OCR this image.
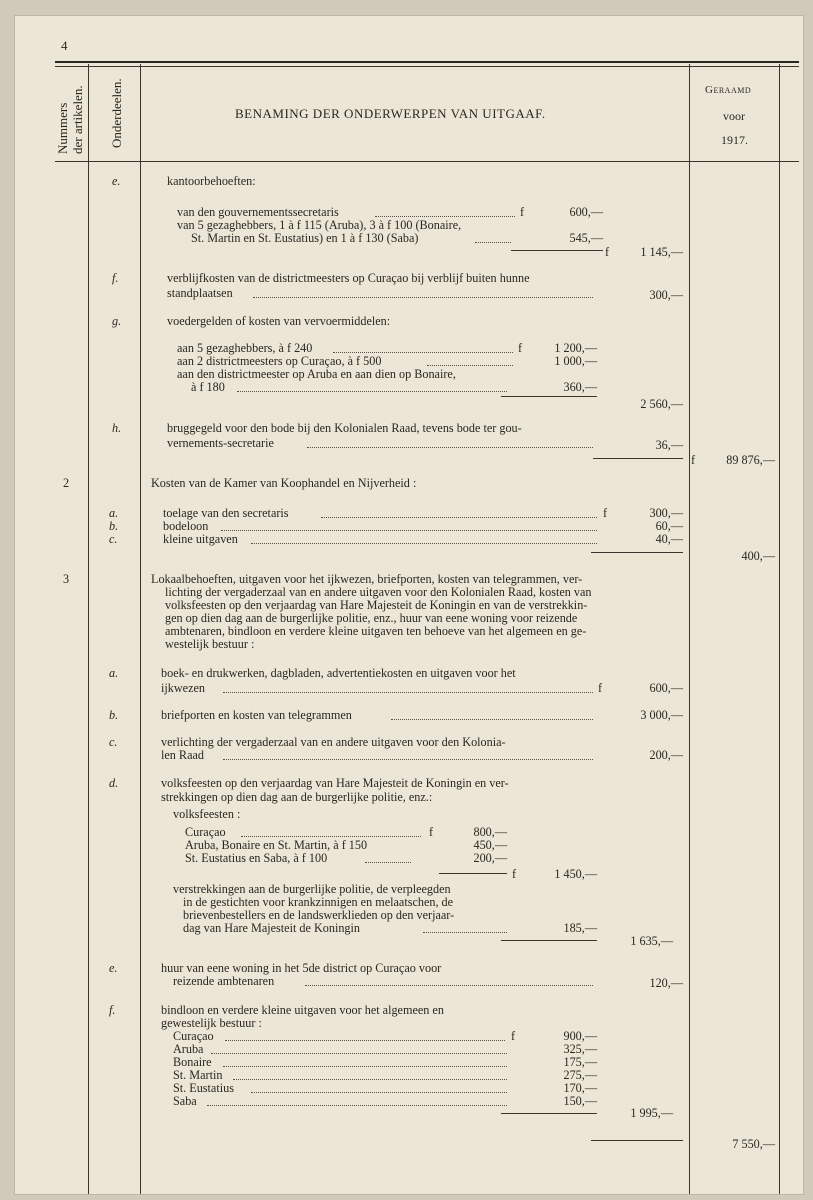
4
Nummers der artikelen. Onderdeelen.	BENAMING DER ONDERWERPEN VAN UITGAAF.
Geraamd
voor
1917.
e.	kantoorbehoeften:
van den gouvernementssecretaris	f	600,—
van 5 gezaghebbers, 1 à f 115 (Aruba), 3 à f 100 (Bonaire,
St. Martin en St. Eustatius) en 1 à f 130 (Saba)	545,—
f	1 145,—
f.	verblijfkosten van de districtmeesters op Curaçao bij verblijf buiten hunne
standplaatsen	300,—
g.	voedergelden of kosten van vervoermiddelen:
aan 5 gezaghebbers, à f 240	f	1 200,—
aan 2 districtmeesters op Curaçao, à f 500	1 000,—
aan den districtmeester op Aruba en aan dien op Bonaire,
à f 180	360,—
2 560,—
h.	bruggegeld voor den bode bij den Kolonialen Raad, tevens bode ter gou-
vernements-secretarie	36,—
f	89 876,—
2	Kosten van de Kamer van Koophandel en Nijverheid :
a.	toelage van den secretaris	f	300,—
b.	bodeloon	60,—
c.	kleine uitgaven	40,—
400,—
3	Lokaalbehoeften, uitgaven voor het ijkwezen, briefporten, kosten van telegrammen, ver-
lichting der vergaderzaal van en andere uitgaven voor den Kolonialen Raad, kosten van
volksfeesten op den verjaardag van Hare Majesteit de Koningin en van de verstrekkin-
gen op dien dag aan de burgerlijke politie, enz., huur van eene woning voor reizende
ambtenaren, bindloon en verdere kleine uitgaven ten behoeve van het algemeen en ge-
westelijk bestuur :
a.	boek- en drukwerken, dagbladen, advertentiekosten en uitgaven voor het
ijkwezen	f	600,—
b.	briefporten en kosten van telegrammen	3 000,—
c.	verlichting der vergaderzaal van en andere uitgaven voor den Kolonia-
len Raad	200,—
d.	volksfeesten op den verjaardag van Hare Majesteit de Koningin en ver-
strekkingen op dien dag aan de burgerlijke politie, enz.:
volksfeesten :
Curaçao	f	800,—
Aruba, Bonaire en St. Martin, à f 150	450,—
St. Eustatius en Saba, à f 100	200,—
f	1 450,—
verstrekkingen aan de burgerlijke politie, de verpleegden
in de gestichten voor krankzinnigen en melaatschen, de
brievenbestellers en de landswerklieden op den verjaar-
dag van Hare Majesteit de Koningin	185,—
1 635,—
e.	huur van eene woning in het 5de district op Curaçao voor
reizende ambtenaren	120,—
f.	bindloon en verdere kleine uitgaven voor het algemeen en
gewestelijk bestuur :
Curaçao	f	900,—
Aruba	325,—
Bonaire	175,—
St. Martin	275,—
St. Eustatius	170,—
Saba	150,—
1 995,—
7 550,—
